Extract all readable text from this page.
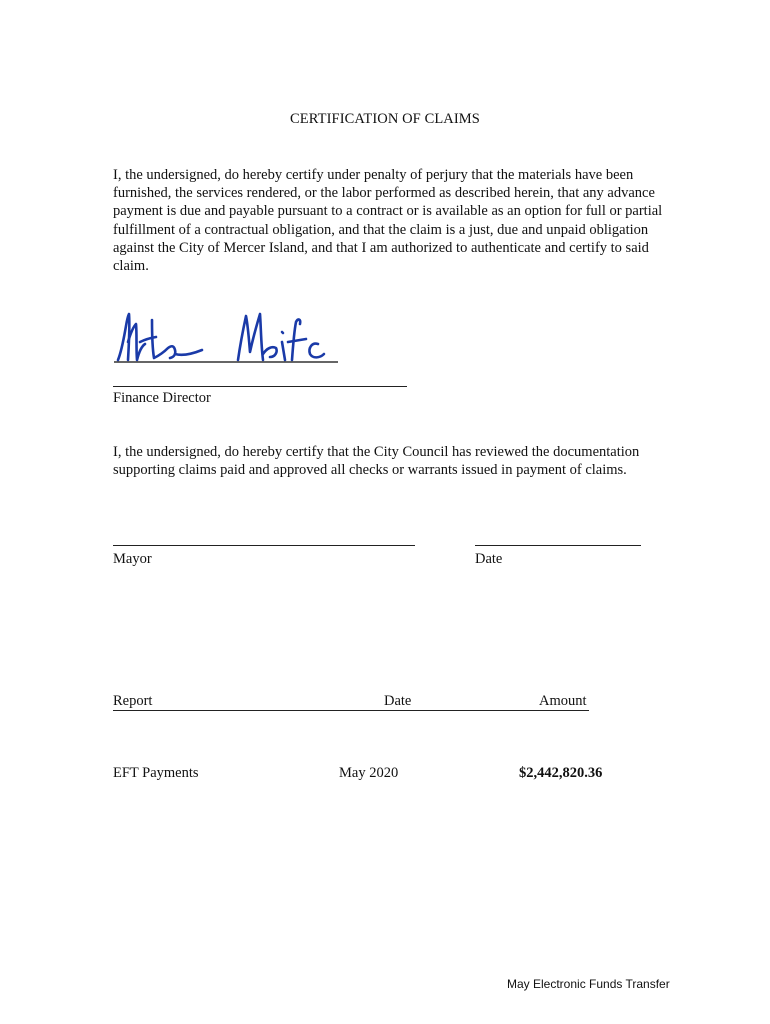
CERTIFICATION OF CLAIMS

I, the undersigned, do hereby certify under penalty of perjury that the materials have been furnished, the services rendered, or the labor performed as described herein, that any advance payment is due and payable pursuant to a contract or is available as an option for full or partial fulfillment of a contractual obligation, and that the claim is a just, due and unpaid obligation against the City of Mercer Island, and that I am authorized to authenticate and certify to said claim.

Finance Director

I, the undersigned, do hereby certify that the City Council has reviewed the documentation supporting claims paid and approved all checks or warrants issued in payment of claims.

Mayor	Date
Report	Date	Amount
EFT Payments	May 2020	$2,442,820.36
May Electronic Funds Transfer
